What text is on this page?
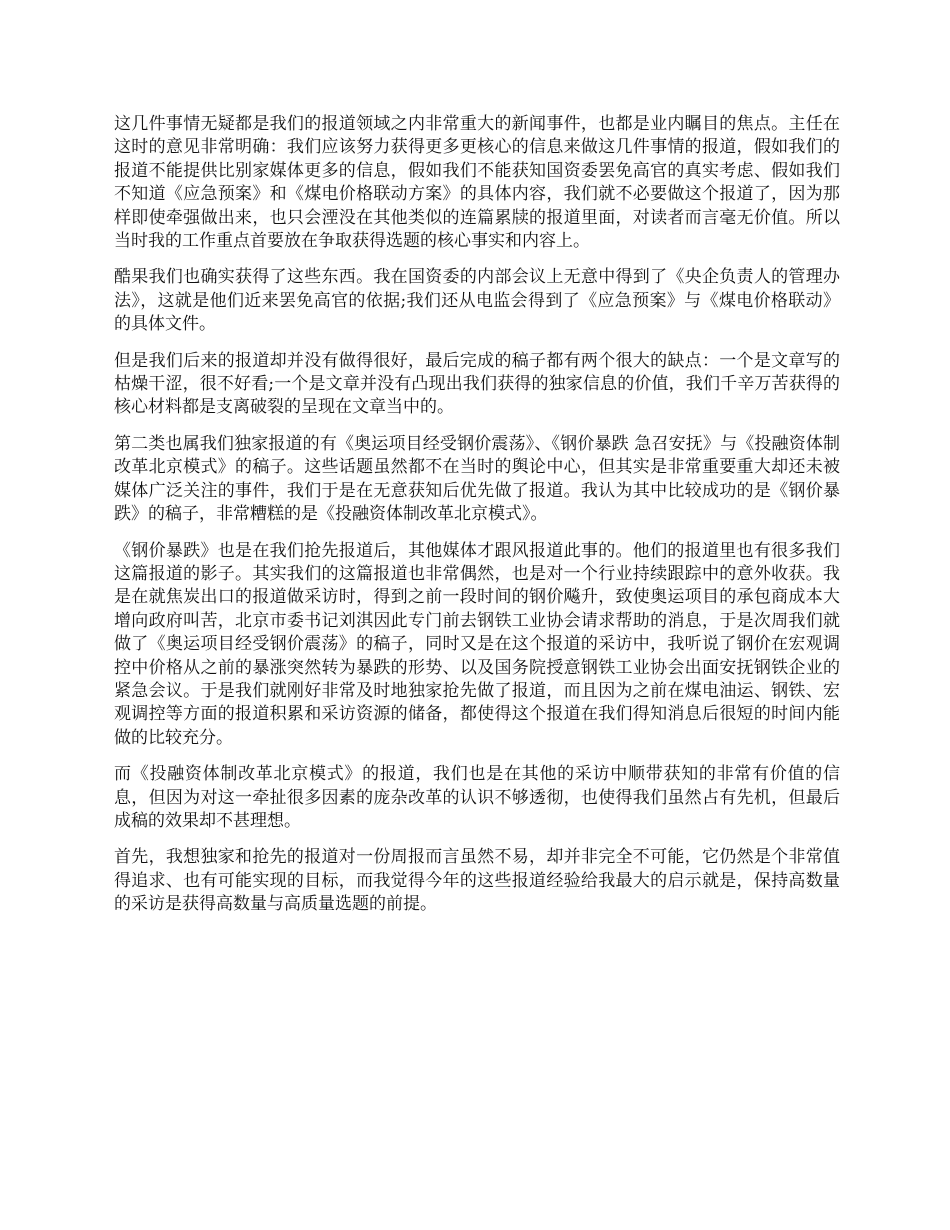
这几件事情无疑都是我们的报道领域之内非常重大的新闻事件，也都是业内瞩目的焦点。主任在这时的意见非常明确：我们应该努力获得更多更核心的信息来做这几件事情的报道，假如我们的报道不能提供比别家媒体更多的信息，假如我们不能获知国资委罢免高官的真实考虑、假如我们不知道《应急预案》和《煤电价格联动方案》的具体内容，我们就不必要做这个报道了，因为那样即使牵强做出来，也只会湮没在其他类似的连篇累牍的报道里面，对读者而言毫无价值。所以当时我的工作重点首要放在争取获得选题的核心事实和内容上。

酷果我们也确实获得了这些东西。我在国资委的内部会议上无意中得到了《央企负责人的管理办法》，这就是他们近来罢免高官的依据;我们还从电监会得到了《应急预案》与《煤电价格联动》的具体文件。

但是我们后来的报道却并没有做得很好，最后完成的稿子都有两个很大的缺点：一个是文章写的枯燥干涩，很不好看;一个是文章并没有凸现出我们获得的独家信息的价值，我们千辛万苦获得的核心材料都是支离破裂的呈现在文章当中的。

第二类也属我们独家报道的有《奥运项目经受钢价震荡》、《钢价暴跌 急召安抚》与《投融资体制改革北京模式》的稿子。这些话题虽然都不在当时的舆论中心，但其实是非常重要重大却还未被媒体广泛关注的事件，我们于是在无意获知后优先做了报道。我认为其中比较成功的是《钢价暴跌》的稿子，非常糟糕的是《投融资体制改革北京模式》。

《钢价暴跌》也是在我们抢先报道后，其他媒体才跟风报道此事的。他们的报道里也有很多我们这篇报道的影子。其实我们的这篇报道也非常偶然，也是对一个行业持续跟踪中的意外收获。我是在就焦炭出口的报道做采访时，得到之前一段时间的钢价飚升，致使奥运项目的承包商成本大增向政府叫苦，北京市委书记刘淇因此专门前去钢铁工业协会请求帮助的消息，于是次周我们就做了《奥运项目经受钢价震荡》的稿子，同时又是在这个报道的采访中，我听说了钢价在宏观调控中价格从之前的暴涨突然转为暴跌的形势、以及国务院授意钢铁工业协会出面安抚钢铁企业的紧急会议。于是我们就刚好非常及时地独家抢先做了报道，而且因为之前在煤电油运、钢铁、宏观调控等方面的报道积累和采访资源的储备，都使得这个报道在我们得知消息后很短的时间内能做的比较充分。

而《投融资体制改革北京模式》的报道，我们也是在其他的采访中顺带获知的非常有价值的信息，但因为对这一牵扯很多因素的庞杂改革的认识不够透彻，也使得我们虽然占有先机，但最后成稿的效果却不甚理想。

首先，我想独家和抢先的报道对一份周报而言虽然不易，却并非完全不可能，它仍然是个非常值得追求、也有可能实现的目标，而我觉得今年的这些报道经验给我最大的启示就是，保持高数量的采访是获得高数量与高质量选题的前提。
